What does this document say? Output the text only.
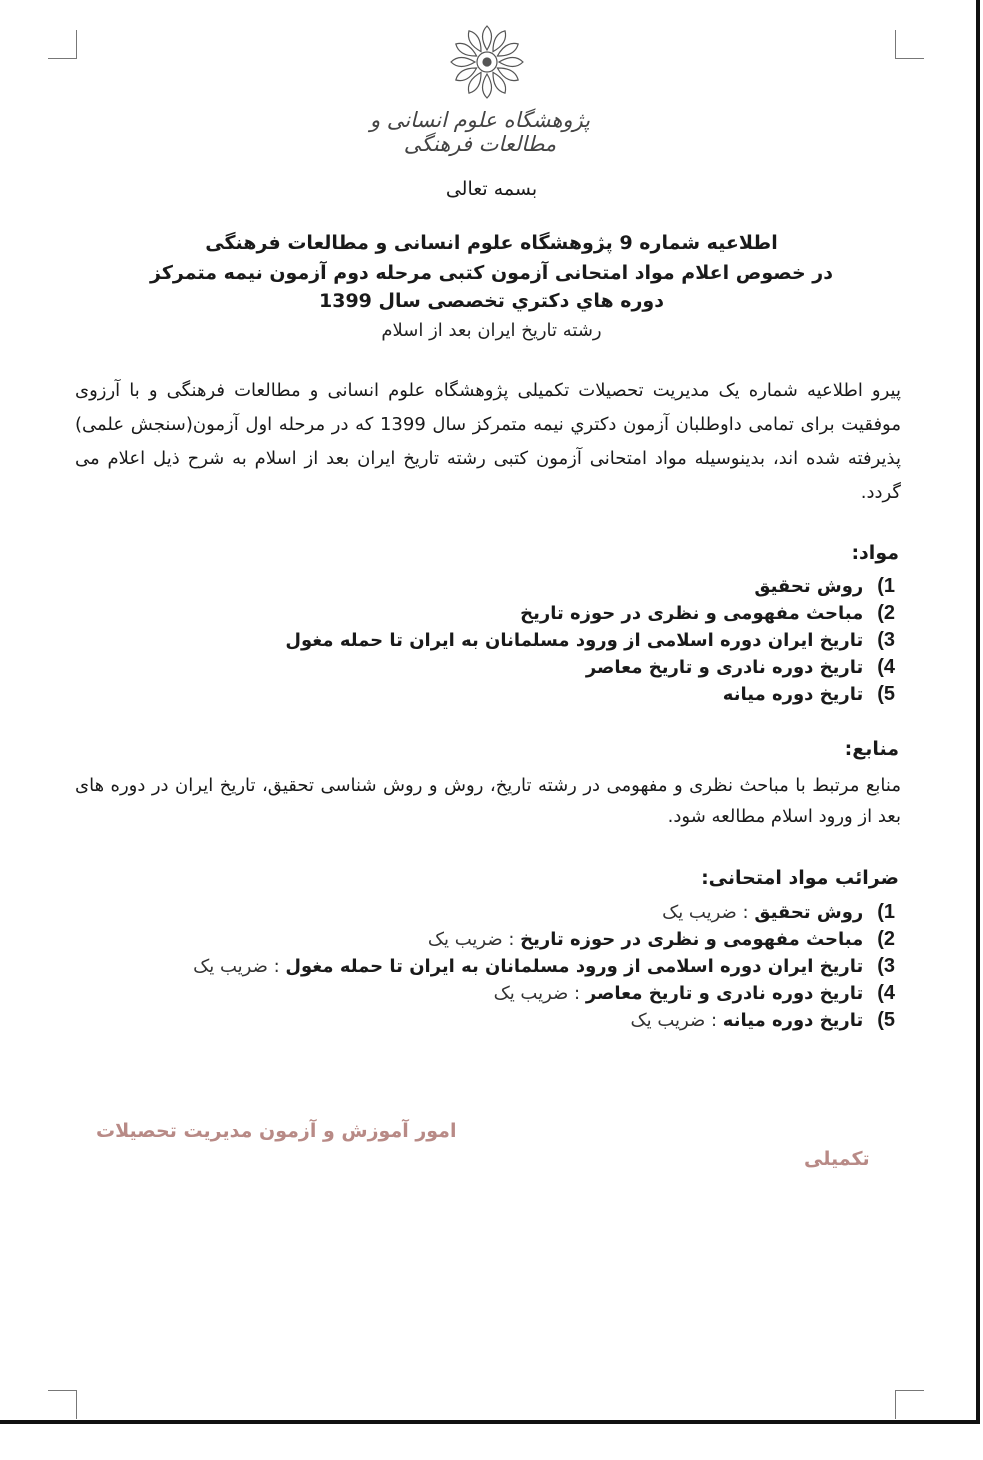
پژوهشگاه علوم انسانی و مطالعات فرهنگی
بسمه تعالی
اطلاعیه شماره 9 پژوهشگاه علوم انسانی و مطالعات فرهنگی
در خصوص اعلام مواد امتحانی آزمون کتبی مرحله دوم آزمون نیمه متمرکز
دوره هاي دكتري تخصصی سال 1399
رشته تاریخ ایران بعد از اسلام
پیرو اطلاعیه شماره یک مدیریت تحصیلات تکمیلی پژوهشگاه علوم انسانی و مطالعات فرهنگی و با آرزوی موفقیت برای تمامی داوطلبان آزمون دكتري نيمه متمركز سال 1399 كه در مرحله اول آزمون(سنجش علمی) پذیرفته شده اند، بدینوسیله مواد امتحانی آزمون کتبی رشته تاریخ ایران بعد از اسلام به شرح ذیل اعلام می گردد.
مواد:
1) روش تحقیق
2) مباحث مفهومی و نظری در حوزه تاریخ
3) تاریخ ایران دوره اسلامی از ورود مسلمانان به ایران تا حمله مغول
4) تاریخ دوره نادری و تاریخ معاصر
5) تاریخ دوره میانه
منابع:
منابع مرتبط با مباحث نظری و مفهومی در رشته تاریخ، روش و روش شناسی تحقیق، تاریخ ایران در دوره های بعد از ورود اسلام مطالعه شود.
ضرائب مواد امتحانی:
1) روش تحقیق : ضریب یک
2) مباحث مفهومی و نظری در حوزه تاریخ : ضریب یک
3) تاریخ ایران دوره اسلامی از ورود مسلمانان به ایران تا حمله مغول : ضریب یک
4) تاریخ دوره نادری و تاریخ معاصر : ضریب یک
5) تاریخ دوره میانه : ضریب یک
امور آموزش و آزمون مدیریت تحصیلات
تکمیلی
